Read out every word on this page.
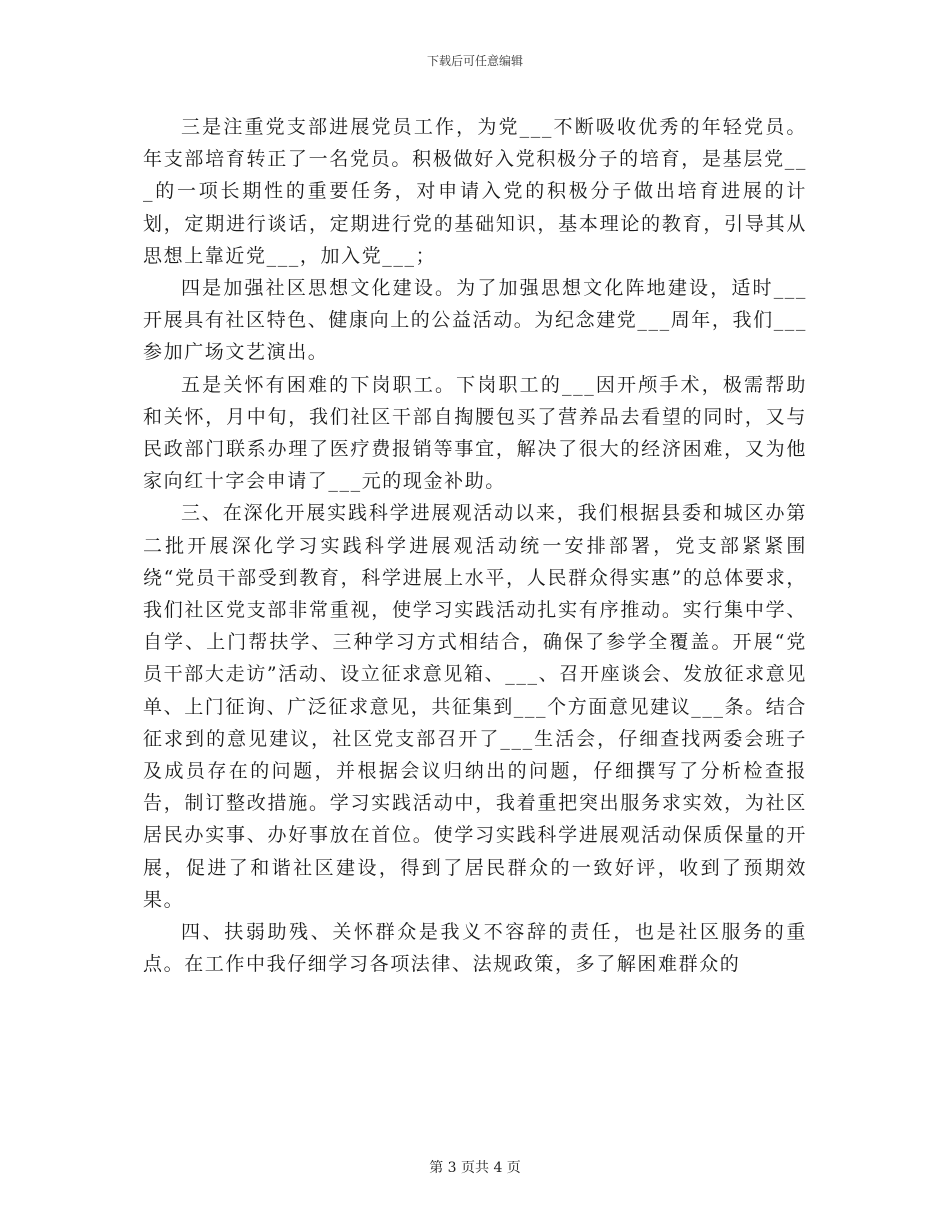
下载后可任意编辑

三是注重党支部进展党员工作，为党___不断吸收优秀的年轻党员。年支部培育转正了一名党员。积极做好入党积极分子的培育，是基层党___的一项长期性的重要任务，对申请入党的积极分子做出培育进展的计划，定期进行谈话，定期进行党的基础知识，基本理论的教育，引导其从思想上靠近党___，加入党___；

四是加强社区思想文化建设。为了加强思想文化阵地建设，适时___开展具有社区特色、健康向上的公益活动。为纪念建党___周年，我们___参加广场文艺演出。

五是关怀有困难的下岗职工。下岗职工的___因开颅手术，极需帮助和关怀，月中旬，我们社区干部自掏腰包买了营养品去看望的同时，又与民政部门联系办理了医疗费报销等事宜，解决了很大的经济困难，又为他家向红十字会申请了___元的现金补助。

三、在深化开展实践科学进展观活动以来，我们根据县委和城区办第二批开展深化学习实践科学进展观活动统一安排部署，党支部紧紧围绕“党员干部受到教育，科学进展上水平，人民群众得实惠”的总体要求，我们社区党支部非常重视，使学习实践活动扎实有序推动。实行集中学、自学、上门帮扶学、三种学习方式相结合，确保了参学全覆盖。开展“党员干部大走访”活动、设立征求意见箱、___、召开座谈会、发放征求意见单、上门征询、广泛征求意见，共征集到___个方面意见建议___条。结合征求到的意见建议，社区党支部召开了___生活会，仔细查找两委会班子及成员存在的问题，并根据会议归纳出的问题，仔细撰写了分析检查报告，制订整改措施。学习实践活动中，我着重把突出服务求实效，为社区居民办实事、办好事放在首位。使学习实践科学进展观活动保质保量的开展，促进了和谐社区建设，得到了居民群众的一致好评，收到了预期效果。

四、扶弱助残、关怀群众是我义不容辞的责任，也是社区服务的重点。在工作中我仔细学习各项法律、法规政策，多了解困难群众的

第 3 页共 4 页
